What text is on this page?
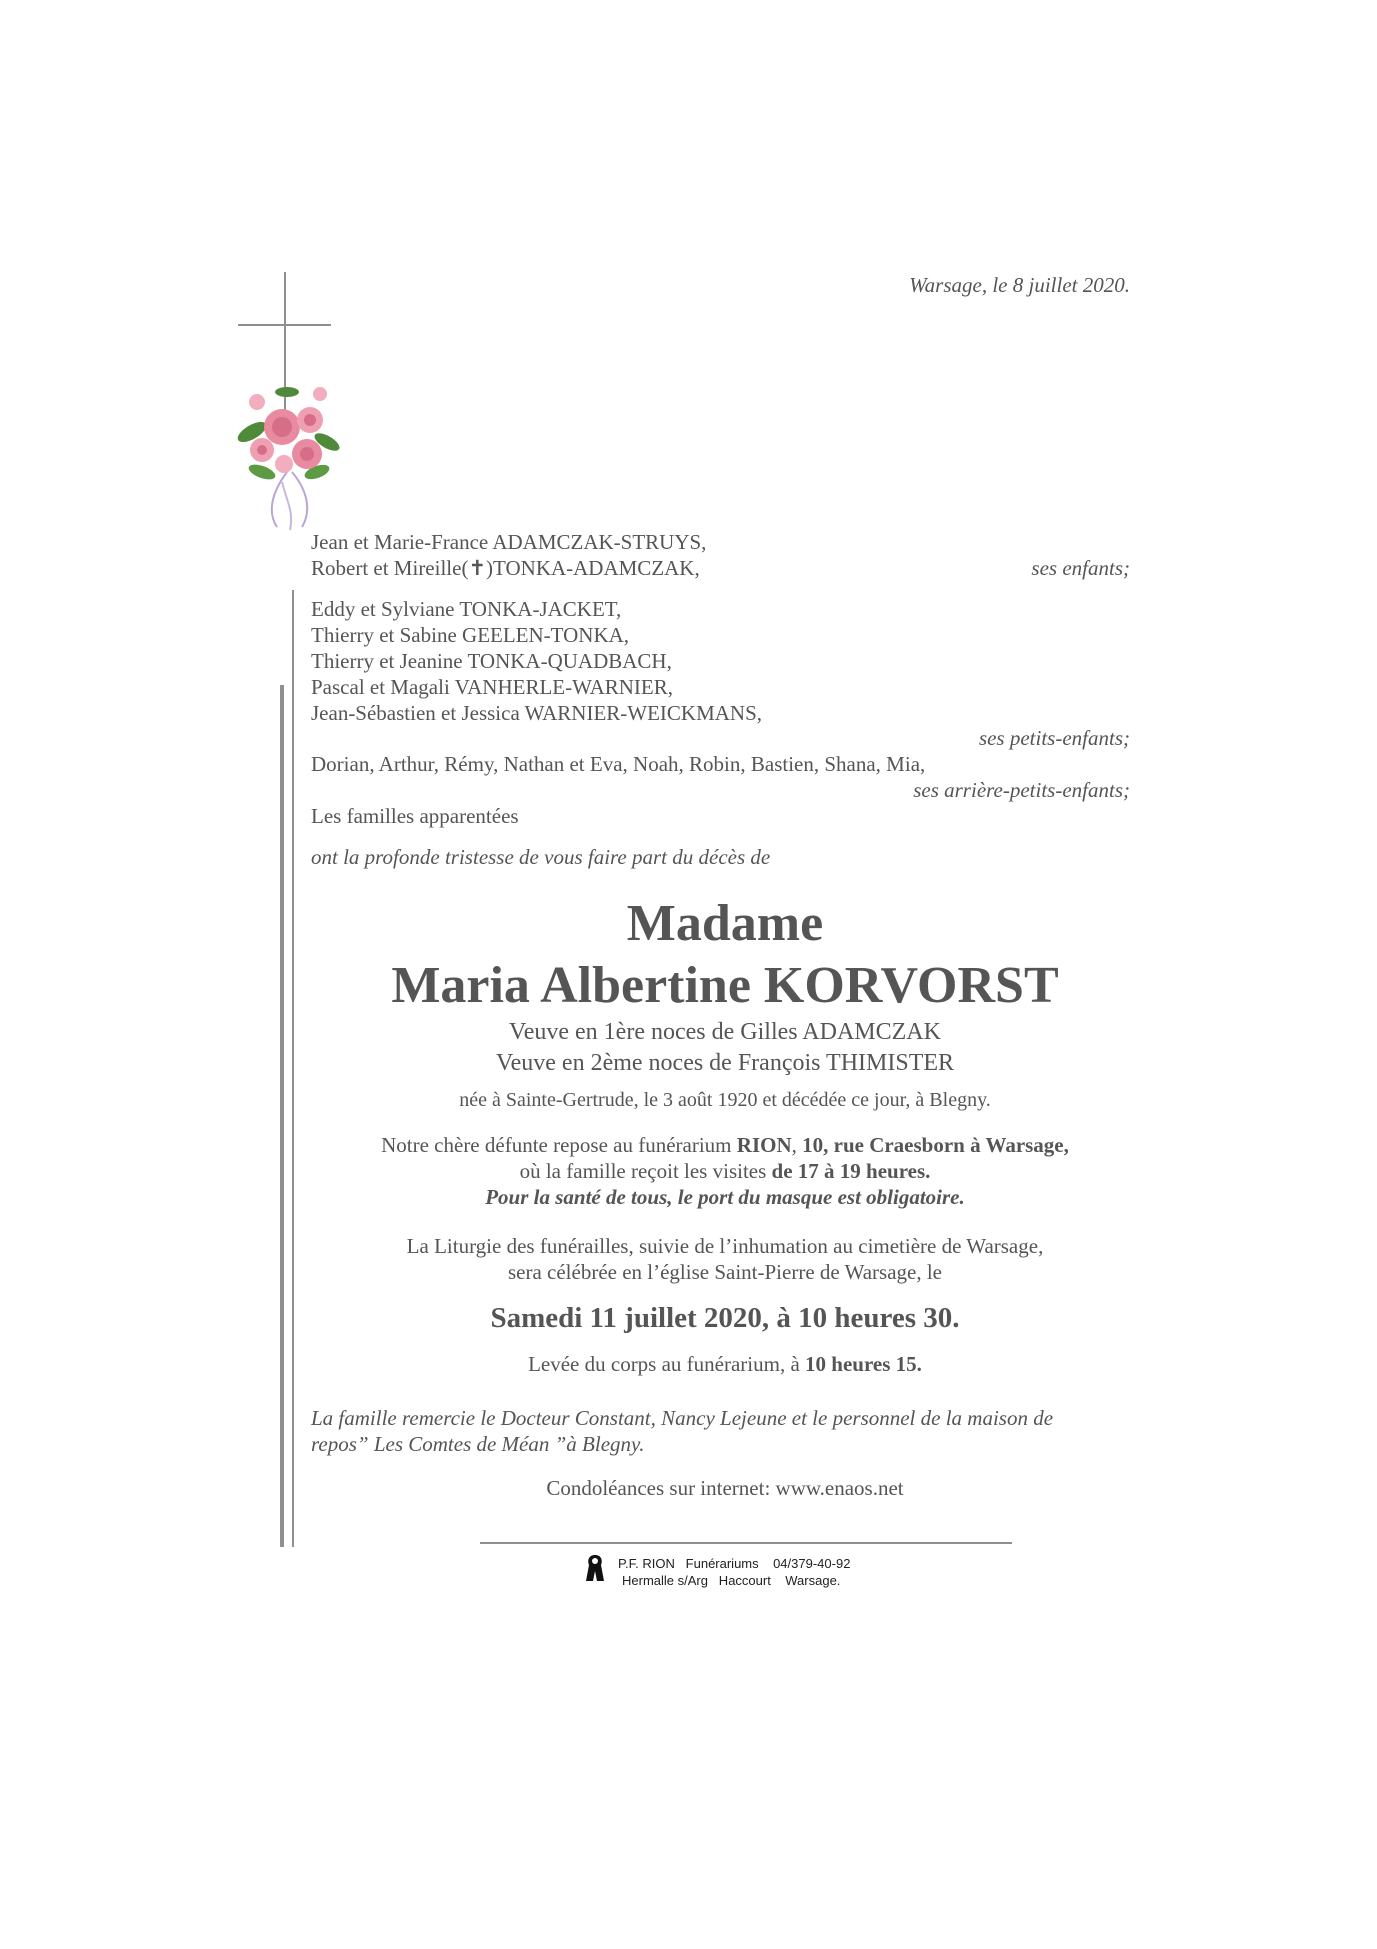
Warsage, le 8 juillet 2020.
Jean et Marie-France ADAMCZAK-STRUYS,
Robert et Mireille(✝)TONKA-ADAMCZAK,	ses enfants;
Eddy et Sylviane TONKA-JACKET,
Thierry et Sabine GEELEN-TONKA,
Thierry et Jeanine TONKA-QUADBACH,
Pascal et Magali VANHERLE-WARNIER,
Jean-Sébastien et Jessica WARNIER-WEICKMANS,
ses petits-enfants;
Dorian, Arthur, Rémy, Nathan et Eva, Noah, Robin, Bastien, Shana, Mia,
ses arrière-petits-enfants;
Les familles apparentées
ont la profonde tristesse de vous faire part du décès de
Madame
Maria Albertine KORVORST
Veuve en 1ère noces de Gilles ADAMCZAK
Veuve en 2ème noces de François THIMISTER
née à Sainte-Gertrude, le 3 août 1920 et décédée ce jour, à Blegny.
Notre chère défunte repose au funérarium RION, 10, rue Craesborn à Warsage,
où la famille reçoit les visites de 17 à 19 heures.
Pour la santé de tous, le port du masque est obligatoire.
La Liturgie des funérailles, suivie de l’inhumation au cimetière de Warsage,
sera célébrée en l’église Saint-Pierre de Warsage, le
Samedi 11 juillet 2020, à 10 heures 30.
Levée du corps au funérarium, à 10 heures 15.
La famille remercie le Docteur Constant, Nancy Lejeune et le personnel de la maison de
repos” Les Comtes de Méan ”à Blegny.
Condoléances sur internet: www.enaos.net
P.F. RION   Funérariums    04/379-40-92
Hermalle s/Arg   Haccourt    Warsage.
